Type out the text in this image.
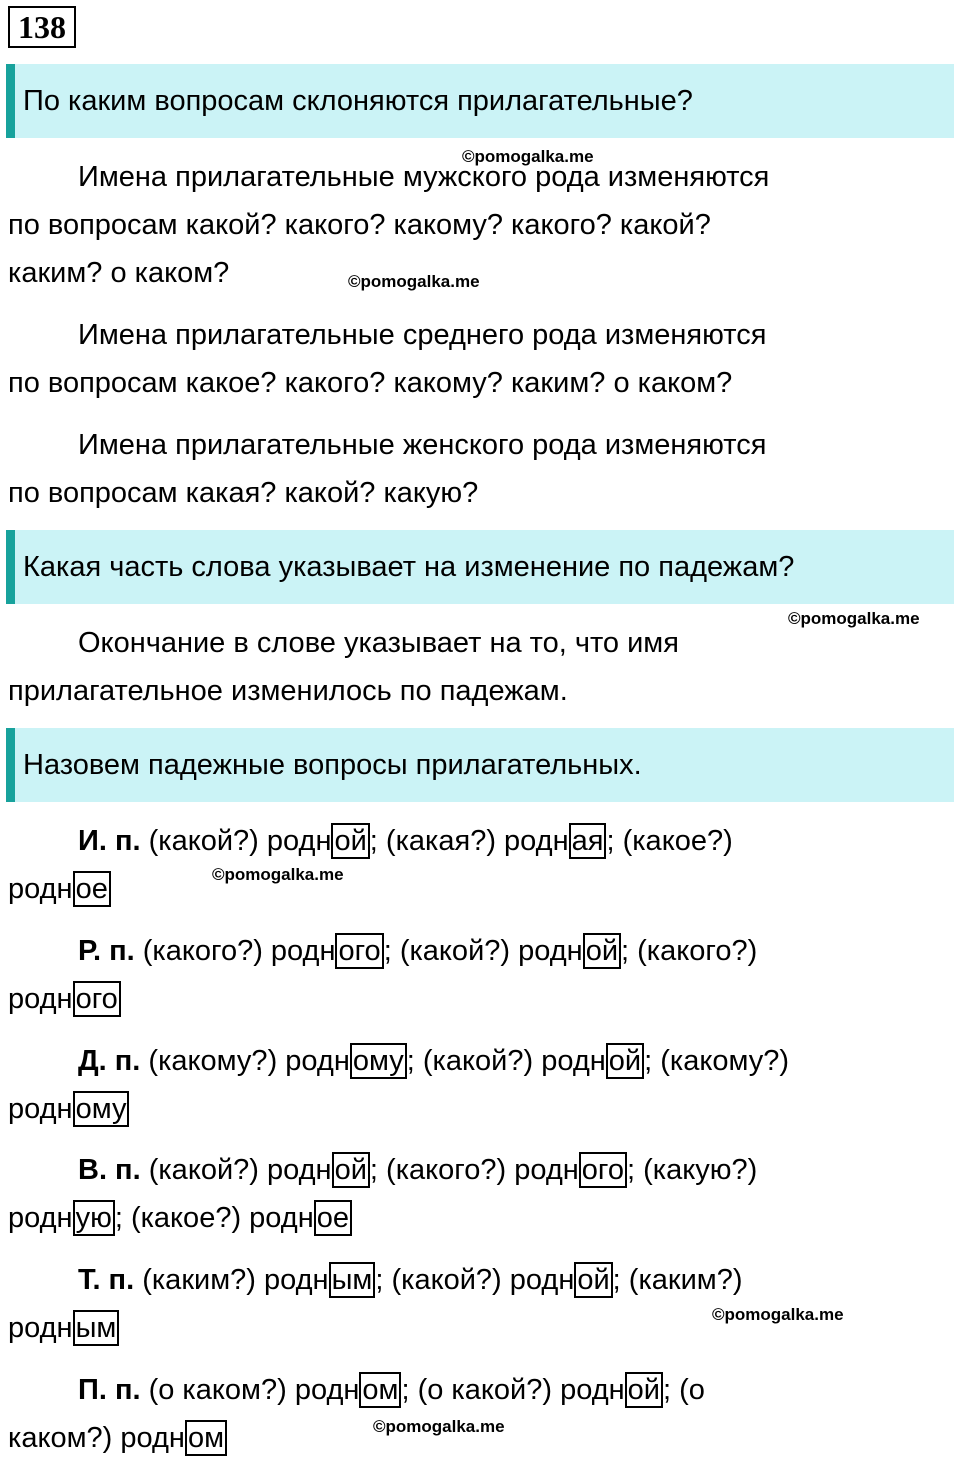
138
По каким вопросам склоняются прилагательные?
©pomogalka.me
Имена прилагательные мужского рода изменяются
по вопросам какой? какого? какому? какого? какой?
каким? о каком?	©pomogalka.me
Имена прилагательные среднего рода изменяются
по вопросам какое? какого? какому? каким? о каком?
Имена прилагательные женского рода изменяются
по вопросам какая? какой? какую?
Какая часть слова указывает на изменение по падежам?
©pomogalka.me
Окончание в слове указывает на то, что имя
прилагательное изменилось по падежам.
Назовем падежные вопросы прилагательных.
©pomogalka.me
©pomogalka.me
©pomogalka.me
И. п. (какой?) родн ой ; (какая?) родн ая ; (какое?)
родн ое
Р. п. (какого?) родн ого ; (какой?) родн ой ; (какого?)
родн ого
Д. п. (какому?) родн ому ; (какой?) родн ой ; (какому?)
родн ому
В. п. (какой?) родн ой ; (какого?) родн ого ; (какую?)
родн ую ; (какое?) родн ое
Т. п. (каким?) родн ым ; (какой?) родн ой ; (каким?)
родн ым
П. п. (о каком?) родн ом ; (о какой?) родн ой ; (о
каком?) родн ом
